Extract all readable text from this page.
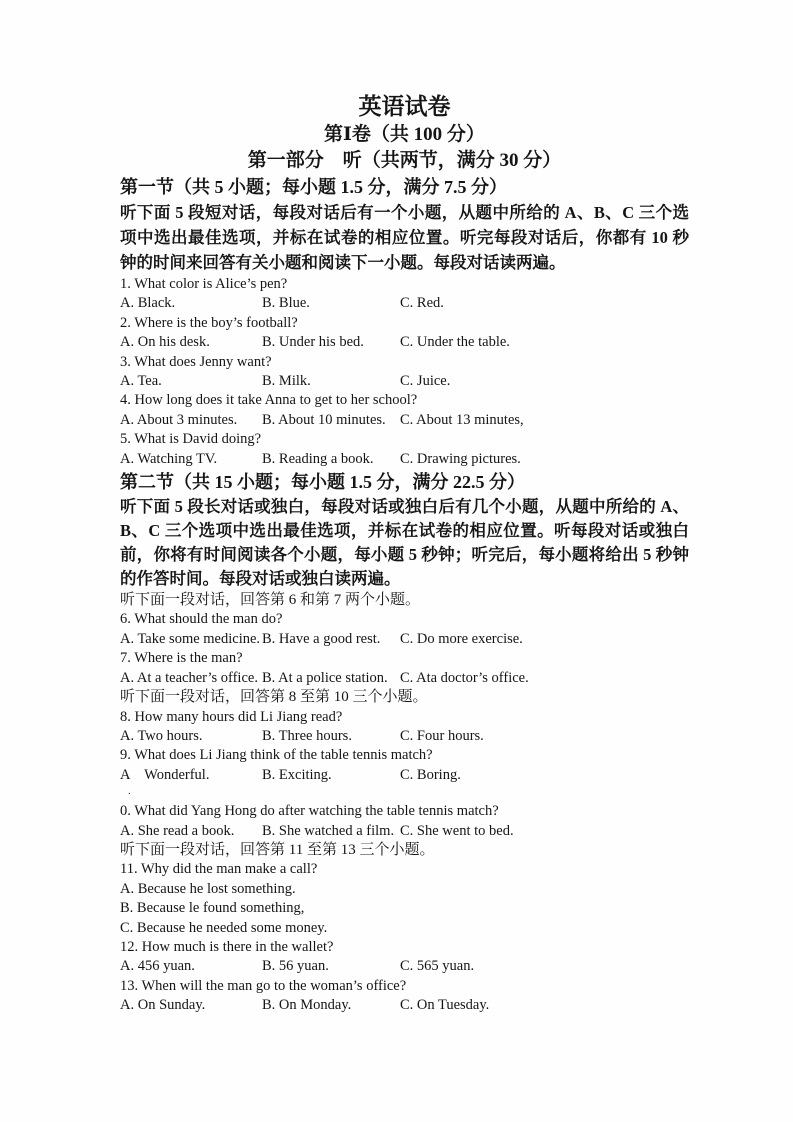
英语试卷
第Ⅰ卷（共 100 分）
第一部分　听（共两节，满分 30 分）
第一节（共 5 小题；每小题 1.5 分，满分 7.5 分）

听下面 5 段短对话，每段对话后有一个小题，从题中所给的 A、B、C 三个选项中选出最佳选项，并标在试卷的相应位置。听完每段对话后，你都有 10 秒钟的时间来回答有关小题和阅读下一小题。每段对话读两遍。

1. What color is Alice’s pen?
A. Black.	B. Blue.	C. Red.
2. Where is the boy’s football?
A. On his desk.	B. Under his bed.	C. Under the table.
3. What does Jenny want?
A. Tea.	B. Milk.	C. Juice.
4. How long does it take Anna to get to her school?
A. About 3 minutes.	B. About 10 minutes. C. About 13 minutes,
5. What is David doing?
A. Watching TV.	B. Reading a book.	C. Drawing pictures.
第二节（共 15 小题；每小题 1.5 分，满分 22.5 分）

听下面 5 段长对话或独白，每段对话或独白后有几个小题，从题中所给的 A、B、C 三个选项中选出最佳选项，并标在试卷的相应位置。听每段对话或独白前，你将有时间阅读各个小题，每小题 5 秒钟；听完后，每小题将给出 5 秒钟的作答时间。每段对话或独白读两遍。

听下面一段对话，回答第 6 和第 7 两个小题。
6. What should the man do?
A. Take some medicine. B. Have a good rest.	C. Do more exercise.
7. Where is the man?
A. At a teacher’s office. B. At a police station. C. Ata doctor’s office.
听下面一段对话，回答第 8 至第 10 三个小题。
8. How many hours did Li Jiang read?
A. Two hours.	B. Three hours.	C. Four hours.
9. What does Li Jiang think of the table tennis match?
A　Wonderful.	B. Exciting.	C. Boring.
.
0. What did Yang Hong do after watching the table tennis match?
A. She read a book.	B. She watched a film. C. She went to bed.
听下面一段对话，回答第 11 至第 13 三个小题。
11. Why did the man make a call?
A. Because he lost something.
B. Because le found something,
C. Because he needed some money.
12. How much is there in the wallet?
A. 456 yuan.	B. 56 yuan.	C. 565 yuan.
13. When will the man go to the woman’s office?
A. On Sunday.	B. On Monday.	C. On Tuesday.
